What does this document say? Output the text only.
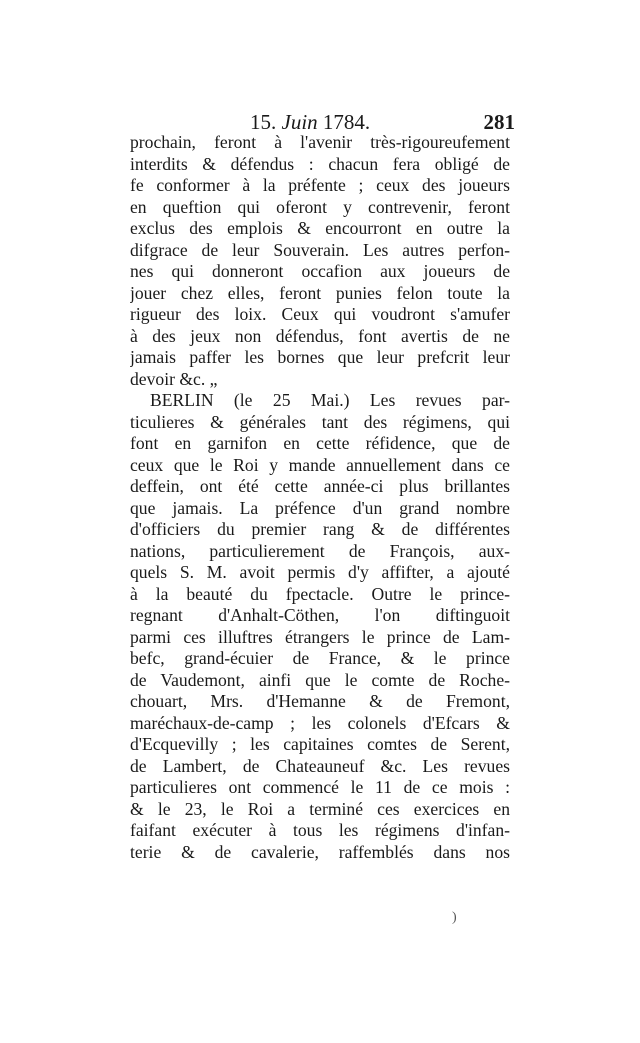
15. Juin 1784.	281
prochain, feront à l'avenir très-rigoureufement
interdits & défendus : chacun fera obligé de
fe conformer à la préfente ; ceux des joueurs
en queftion qui oferont y contrevenir, feront
exclus des emplois & encourront en outre la
difgrace de leur Souverain. Les autres perfon-
nes qui donneront occafion aux joueurs de
jouer chez elles, feront punies felon toute la
rigueur des loix. Ceux qui voudront s'amufer
à des jeux non défendus, font avertis de ne
jamais paffer les bornes que leur prefcrit leur
devoir &c. „
BERLIN (le 25 Mai.) Les revues par-
ticulieres & générales tant des régimens, qui
font en garnifon en cette réfidence, que de
ceux que le Roi y mande annuellement dans ce
deffein, ont été cette année-ci plus brillantes
que jamais. La préfence d'un grand nombre
d'officiers du premier rang & de différentes
nations, particulierement de François, aux-
quels S. M. avoit permis d'y affifter, a ajouté
à la beauté du fpectacle. Outre le prince-
regnant d'Anhalt-Cöthen, l'on diftinguoit
parmi ces illuftres étrangers le prince de Lam-
befc, grand-écuier de France, & le prince
de Vaudemont, ainfi que le comte de Roche-
chouart, Mrs. d'Hemanne & de Fremont,
maréchaux-de-camp ; les colonels d'Efcars &
d'Ecquevilly ; les capitaines comtes de Serent,
de Lambert, de Chateauneuf &c. Les revues
particulieres ont commencé le 11 de ce mois :
& le 23, le Roi a terminé ces exercices en
faifant exécuter à tous les régimens d'infan-
terie & de cavalerie, raffemblés dans nos
)
